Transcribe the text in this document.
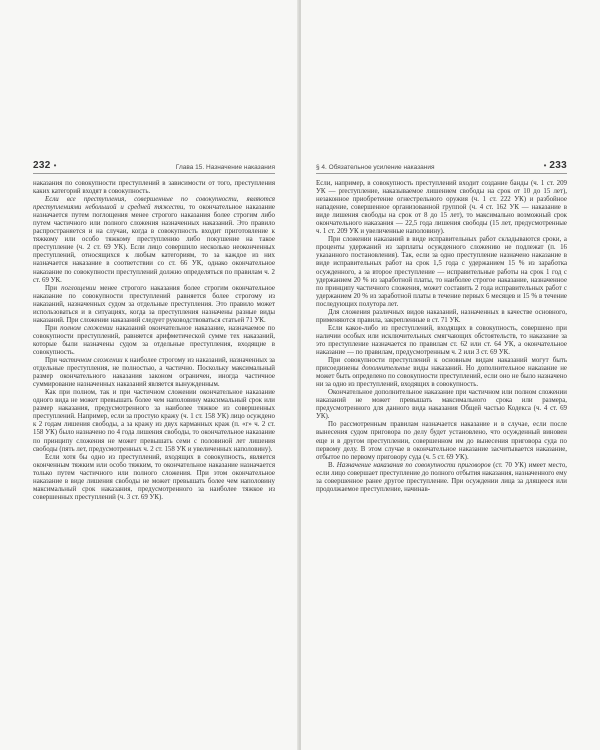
232 •	Глава 15. Назначение наказания

наказания по совокупности преступлений в зависимости от того, преступления каких категорий входят в совокупность.

Если все преступления, совершенные по совокупности, являются преступлениями небольшой и средней тяжести, то окончательное наказание назначается путем поглощения менее строгого наказания более строгим либо путем частичного или полного сложения назначенных наказаний. Это правило распространяется и на случаи, когда в совокупность входит приготовление к тяжкому или особо тяжкому преступлению либо покушение на такое преступление (ч. 2 ст. 69 УК). Если лицо совершило несколько неоконченных преступлений, относящихся к любым категориям, то за каждое из них назначается наказание в соответствии со ст. 66 УК, однако окончательное наказание по совокупности преступлений должно определяться по правилам ч. 2 ст. 69 УК.

При поглощении менее строгого наказания более строгим окончательное наказание по совокупности преступлений равняется более строгому из наказаний, назначенных судом за отдельные преступления. Это правило может использоваться и в ситуациях, когда за преступления назначены разные виды наказаний. При сложении наказаний следует руководствоваться статьей 71 УК.

При полном сложении наказаний окончательное наказание, назначаемое по совокупности преступлений, равняется арифметической сумме тех наказаний, которые были назначены судом за отдельные преступления, входящие в совокупность.

При частичном сложении к наиболее строгому из наказаний, назначенных за отдельные преступления, не полностью, а частично. Поскольку максимальный размер окончательного наказания законом ограничен, иногда частичное суммирование назначенных наказаний является вынужденным.

Как при полном, так и при частичном сложении окончательное наказание одного вида не может превышать более чем наполовину максимальный срок или размер наказания, предусмотренного за наиболее тяжкое из совершенных преступлений. Например, если за простую кражу (ч. 1 ст. 158 УК) лицо осуждено к 2 годам лишения свободы, а за кражу из двух карманных краж (п. «г» ч. 2 ст. 158 УК) было назначено по 4 года лишения свободы, то окончательное наказание по принципу сложения не может превышать семи с половиной лет лишения свободы (пять лет, предусмотренных ч. 2 ст. 158 УК и увеличенных наполовину).

Если хотя бы одно из преступлений, входящих в совокупность, является оконченным тяжким или особо тяжким, то окончательное наказание назначается только путем частичного или полного сложения. При этом окончательное наказание в виде лишения свободы не может превышать более чем наполовину максимальный срок наказания, предусмотренного за наиболее тяжкое из совершенных преступлений (ч. 3 ст. 69 УК).

§ 4. Обязательное усиление наказания	• 233

Если, например, в совокупность преступлений входит создание банды (ч. 1 ст. 209 УК — preступление, наказываемое лишением свободы на срок от 10 до 15 лет), незаконное приобретение огнестрельного оружия (ч. 1 ст. 222 УК) и разбойное нападение, совершенное организованной группой (ч. 4 ст. 162 УК — наказание в виде лишения свободы на срок от 8 до 15 лет), то максимально возможный срок окончательного наказания — 22,5 года лишения свободы (15 лет, предусмотренные ч. 1 ст. 209 УК и увеличенные наполовину).

При сложении наказаний в виде исправительных работ складываются сроки, а проценты удержаний из зарплаты осужденного сложению не подлежат (п. 16 указанного постановления). Так, если за одно преступление назначено наказание в виде исправительных работ на срок 1,5 года с удержанием 15 % из заработка осужденного, а за второе преступление — исправительные работы на срок 1 год с удержанием 20 % из заработной платы, то наиболее строгое наказание, назначенное по принципу частичного сложения, может составить 2 года исправительных работ с удержанием 20 % из заработной платы в течение первых 6 месяцев и 15 % в течение последующих полутора лет.

Для сложения различных видов наказаний, назначенных в качестве основного, применяются правила, закрепленные в ст. 71 УК.

Если какое-либо из преступлений, входящих в совокупность, совершено при наличии особых или исключительных смягчающих обстоятельств, то наказание за это преступление назначается по правилам ст. 62 или ст. 64 УК, а окончательное наказание — по правилам, предусмотренным ч. 2 или 3 ст. 69 УК.

При совокупности преступлений к основным видам наказаний могут быть присоединены дополнительные виды наказаний. Но дополнительное наказание не может быть определено по совокупности преступлений, если оно не было назначено ни за одно из преступлений, входящих в совокупность.

Окончательное дополнительное наказание при частичном или полном сложении наказаний не может превышать максимального срока или размера, предусмотренного для данного вида наказания Общей частью Кодекса (ч. 4 ст. 69 УК).

По рассмотренным правилам назначается наказание и в случае, если после вынесения судом приговора по делу будет установлено, что осужденный виновен еще и в другом преступлении, совершенном им до вынесения приговора суда по первому делу. В этом случае в окончательное наказание засчитывается наказание, отбытое по первому приговору суда (ч. 5 ст. 69 УК).

В. Назначение наказания по совокупности приговоров (ст. 70 УК) имеет место, если лицо совершает преступление до полного отбытия наказания, назначенного ему за совершенное ранее другое преступление. При осуждении лица за длящееся или продолжаемое преступление, начинав-
